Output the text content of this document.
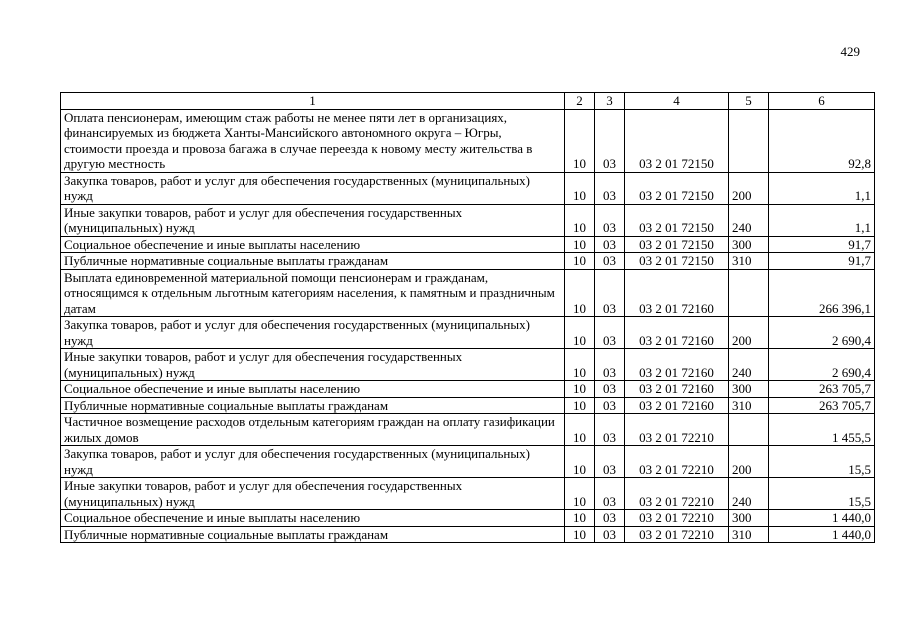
429
1	2	3	4	5	6
Оплата пенсионерам, имеющим стаж работы не менее пяти лет в организациях, финансируемых из бюджета Ханты-Мансийского автономного округа – Югры, стоимости проезда и провоза багажа в случае переезда к новому месту жительства в другую местность	10	03	03 2 01 72150		92,8
Закупка товаров, работ и услуг для обеспечения государственных (муниципальных) нужд	10	03	03 2 01 72150	200	1,1
Иные закупки товаров, работ и услуг для обеспечения государственных (муниципальных) нужд	10	03	03 2 01 72150	240	1,1
Социальное обеспечение и иные выплаты населению	10	03	03 2 01 72150	300	91,7
Публичные нормативные социальные выплаты гражданам	10	03	03 2 01 72150	310	91,7
Выплата единовременной материальной помощи пенсионерам и гражданам, относящимся к отдельным льготным категориям населения, к памятным и праздничным датам	10	03	03 2 01 72160		266 396,1
Закупка товаров, работ и услуг для обеспечения государственных (муниципальных) нужд	10	03	03 2 01 72160	200	2 690,4
Иные закупки товаров, работ и услуг для обеспечения государственных (муниципальных) нужд	10	03	03 2 01 72160	240	2 690,4
Социальное обеспечение и иные выплаты населению	10	03	03 2 01 72160	300	263 705,7
Публичные нормативные социальные выплаты гражданам	10	03	03 2 01 72160	310	263 705,7
Частичное возмещение расходов отдельным категориям граждан на оплату газификации жилых домов	10	03	03 2 01 72210		1 455,5
Закупка товаров, работ и услуг для обеспечения государственных (муниципальных) нужд	10	03	03 2 01 72210	200	15,5
Иные закупки товаров, работ и услуг для обеспечения государственных (муниципальных) нужд	10	03	03 2 01 72210	240	15,5
Социальное обеспечение и иные выплаты населению	10	03	03 2 01 72210	300	1 440,0
Публичные нормативные социальные выплаты гражданам	10	03	03 2 01 72210	310	1 440,0
